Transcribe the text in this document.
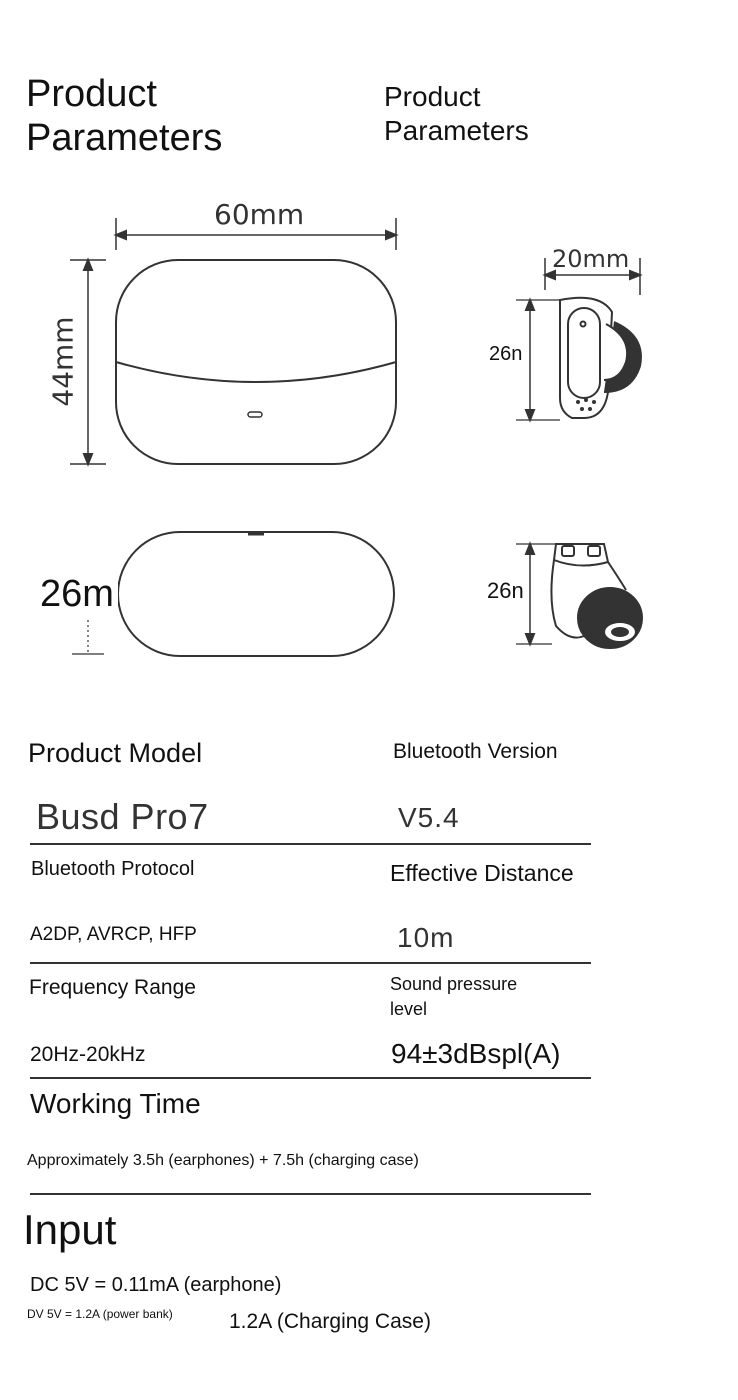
Product
Parameters
Product
Parameters
60mm
44mm
26m
20mm
26n
26n
Product Model	Bluetooth Version
Busd Pro7	V5.4
Bluetooth Protocol	Effective Distance
A2DP, AVRCP, HFP	10m
Frequency Range	Sound pressure
level
20Hz-20kHz	94±3dBspl(A)
Working Time
Approximately 3.5h (earphones) + 7.5h (charging case)
Input
DC 5V = 0.11mA (earphone)
DV 5V = 1.2A (power bank)	1.2A (Charging Case)
